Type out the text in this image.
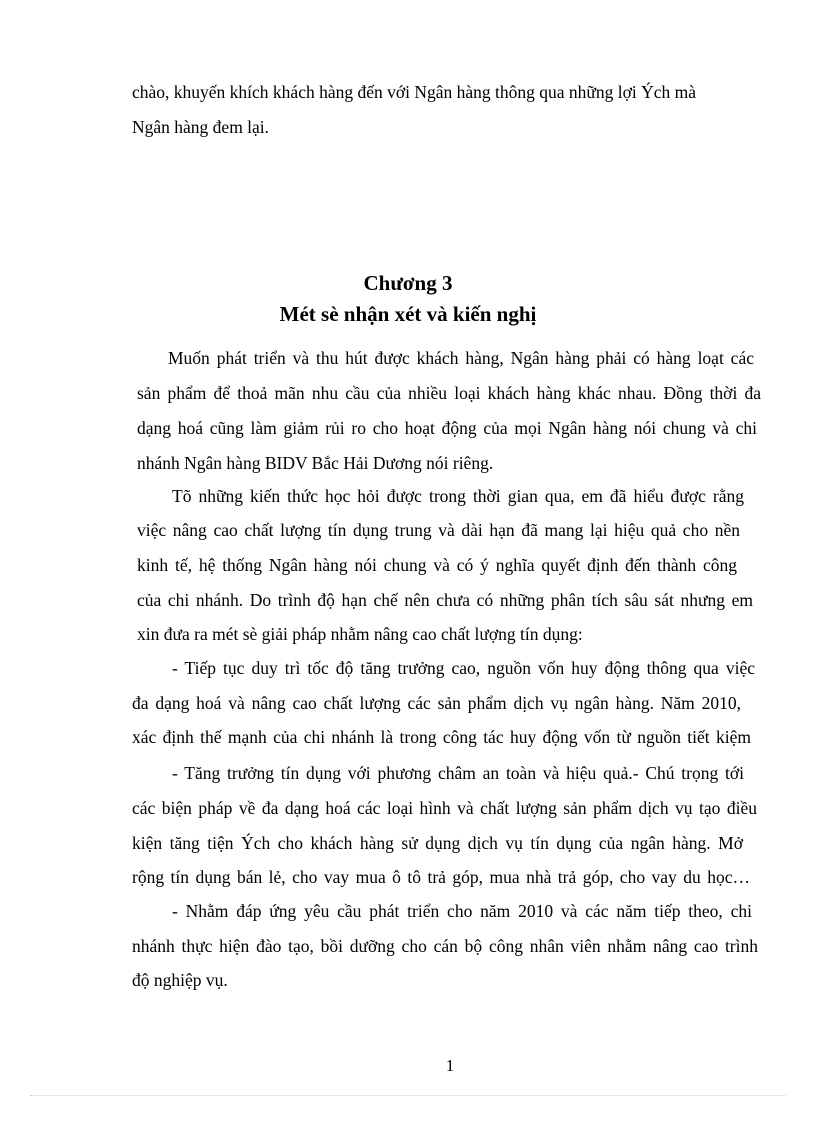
chào, khuyến khích khách hàng đến với Ngân hàng thông qua những lợi Ých mà
Ngân hàng đem lại.
Chương 3
Mét sè nhận xét và kiến nghị
Muốn phát triển và thu hút được khách hàng, Ngân hàng phải có hàng loạt các
sản phẩm để thoả mãn nhu cầu của nhiều loại khách hàng khác nhau. Đồng thời đa
dạng hoá cũng làm giảm rủi ro cho hoạt động của mọi Ngân hàng nói chung và chi
nhánh Ngân hàng BIDV Bắc Hải Dương nói riêng.
Tõ những kiến thức học hỏi được trong thời gian qua, em đã hiểu được rằng
việc nâng cao chất lượng tín dụng trung và dài hạn đã mang lại hiệu quả cho nền
kinh tế, hệ thống Ngân hàng nói chung và có ý nghĩa quyết định đến thành công
của chi nhánh. Do trình độ hạn chế nên chưa có những phân tích sâu sát nhưng em
xin đưa ra mét sè giải pháp nhằm nâng cao chất lượng tín dụng:
- Tiếp tục duy trì tốc độ tăng trưởng cao, nguồn vốn huy động thông qua việc
đa dạng hoá và nâng cao chất lượng các sản phẩm dịch vụ ngân hàng. Năm 2010,
xác định thế mạnh của chi nhánh là trong công tác huy động vốn từ nguồn tiết kiệm
- Tăng trưởng tín dụng với phương châm an toàn và hiệu quả.- Chú trọng tới
các biện pháp về đa dạng hoá các loại hình và chất lượng sản phẩm dịch vụ tạo điều
kiện tăng tiện Ých cho khách hàng sử dụng dịch vụ tín dụng của ngân hàng. Mở
rộng tín dụng bán lẻ, cho vay mua ô tô trả góp, mua nhà trả góp, cho vay du học…
- Nhằm đáp ứng yêu cầu phát triển cho năm 2010 và các năm tiếp theo, chi
nhánh thực hiện đào tạo, bồi dưỡng cho cán bộ công nhân viên nhằm nâng cao trình
độ nghiệp vụ.
1
